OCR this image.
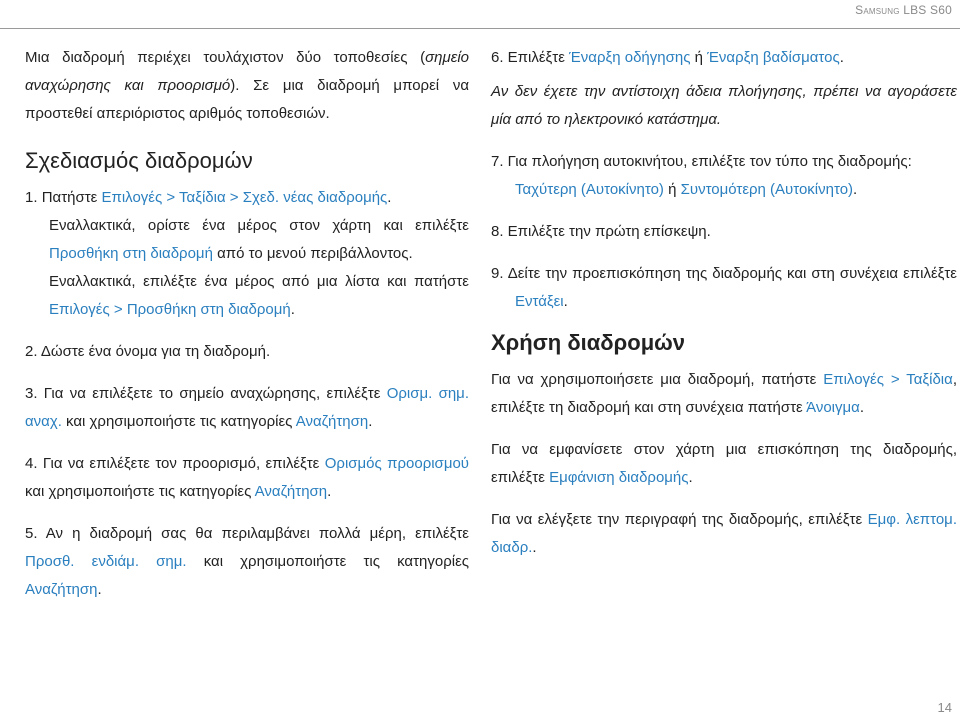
Samsung LBS S60

Μια διαδρομή περιέχει τουλάχιστον δύο τοποθεσίες (σημείο αναχώρησης και προορισμό). Σε μια διαδρομή μπορεί να προστεθεί απεριόριστος αριθμός τοποθεσιών.

Σχεδιασμός διαδρομών

1. Πατήστε Επιλογές > Ταξίδια > Σχεδ. νέας διαδρομής.

Εναλλακτικά, ορίστε ένα μέρος στον χάρτη και επιλέξτε Προσθήκη στη διαδρομή από το μενού περιβάλλοντος.

Εναλλακτικά, επιλέξτε ένα μέρος από μια λίστα και πατήστε Επιλογές > Προσθήκη στη διαδρομή.

2. Δώστε ένα όνομα για τη διαδρομή.

3. Για να επιλέξετε το σημείο αναχώρησης, επιλέξτε Ορισμ. σημ. αναχ. και χρησιμοποιήστε τις κατηγορίες Αναζήτηση.

4. Για να επιλέξετε τον προορισμό, επιλέξτε Ορισμός προορισμού και χρησιμοποιήστε τις κατηγορίες Αναζήτηση.

5. Αν η διαδρομή σας θα περιλαμβάνει πολλά μέρη, επιλέξτε Προσθ. ενδιάμ. σημ. και χρησιμοποιήστε τις κατηγορίες Αναζήτηση.

6. Επιλέξτε Έναρξη οδήγησης ή Έναρξη βαδίσματος.

Αν δεν έχετε την αντίστοιχη άδεια πλοήγησης, πρέπει να αγοράσετε μία από το ηλεκτρονικό κατάστημα.

7. Για πλοήγηση αυτοκινήτου, επιλέξτε τον τύπο της διαδρομής:

Ταχύτερη (Αυτοκίνητο) ή Συντομότερη (Αυτοκίνητο).

8. Επιλέξτε την πρώτη επίσκεψη.

9. Δείτε την προεπισκόπηση της διαδρομής και στη συνέχεια επιλέξτε Εντάξει.

Χρήση διαδρομών

Για να χρησιμοποιήσετε μια διαδρομή, πατήστε Επιλογές > Ταξίδια, επιλέξτε τη διαδρομή και στη συνέχεια πατήστε Άνοιγμα.

Για να εμφανίσετε στον χάρτη μια επισκόπηση της διαδρομής, επιλέξτε Εμφάνιση διαδρομής.

Για να ελέγξετε την περιγραφή της διαδρομής, επιλέξτε Εμφ. λεπτομ. διαδρ..

14
